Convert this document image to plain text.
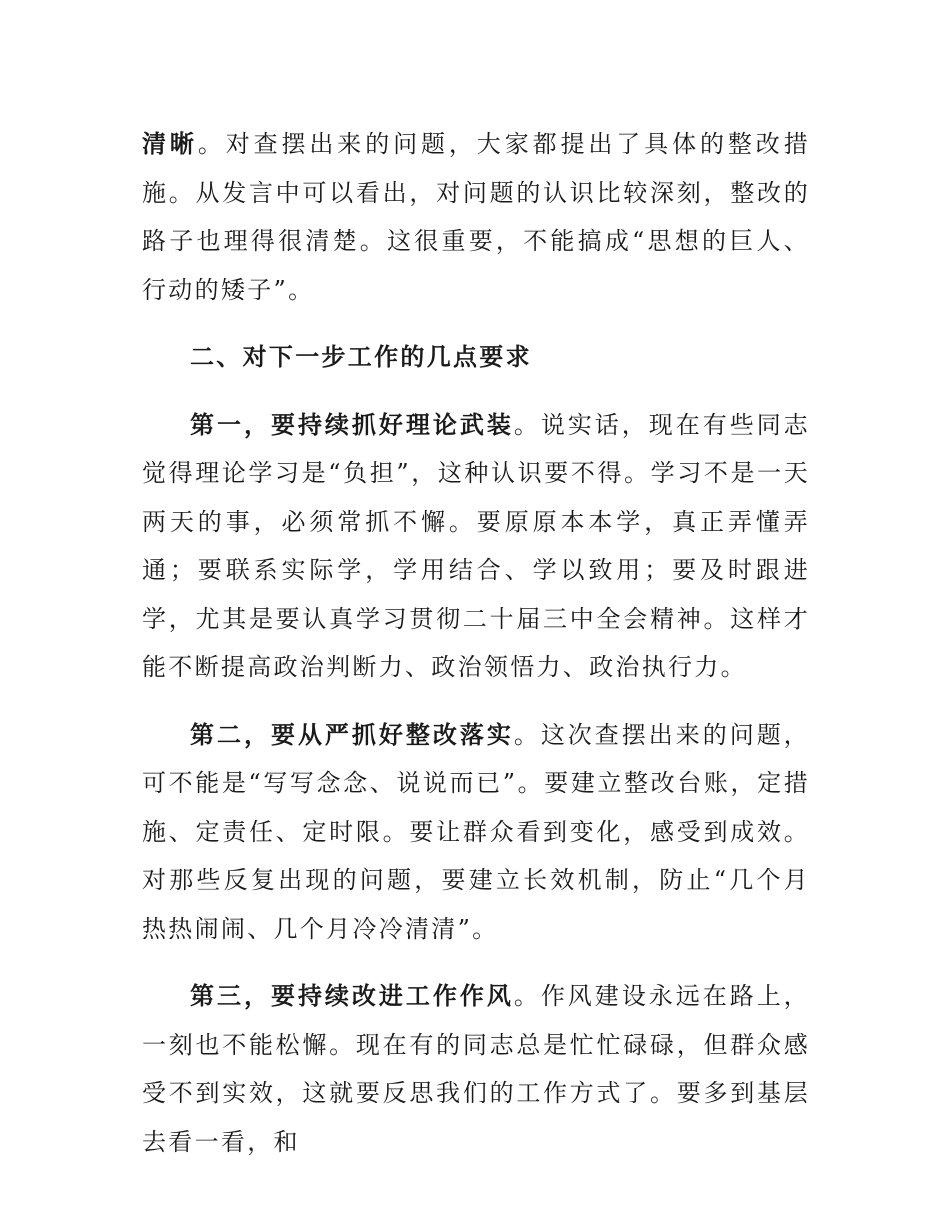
清晰。对查摆出来的问题，大家都提出了具体的整改措施。从发言中可以看出，对问题的认识比较深刻，整改的路子也理得很清楚。这很重要，不能搞成“思想的巨人、行动的矮子”。

二、对下一步工作的几点要求

第一，要持续抓好理论武装。说实话，现在有些同志觉得理论学习是“负担”，这种认识要不得。学习不是一天两天的事，必须常抓不懈。要原原本本学，真正弄懂弄通；要联系实际学，学用结合、学以致用；要及时跟进学，尤其是要认真学习贯彻二十届三中全会精神。这样才能不断提高政治判断力、政治领悟力、政治执行力。

第二，要从严抓好整改落实。这次查摆出来的问题，可不能是“写写念念、说说而已”。要建立整改台账，定措施、定责任、定时限。要让群众看到变化，感受到成效。对那些反复出现的问题，要建立长效机制，防止“几个月热热闹闹、几个月冷冷清清”。

第三，要持续改进工作作风。作风建设永远在路上，一刻也不能松懈。现在有的同志总是忙忙碌碌，但群众感受不到实效，这就要反思我们的工作方式了。要多到基层去看一看，和
